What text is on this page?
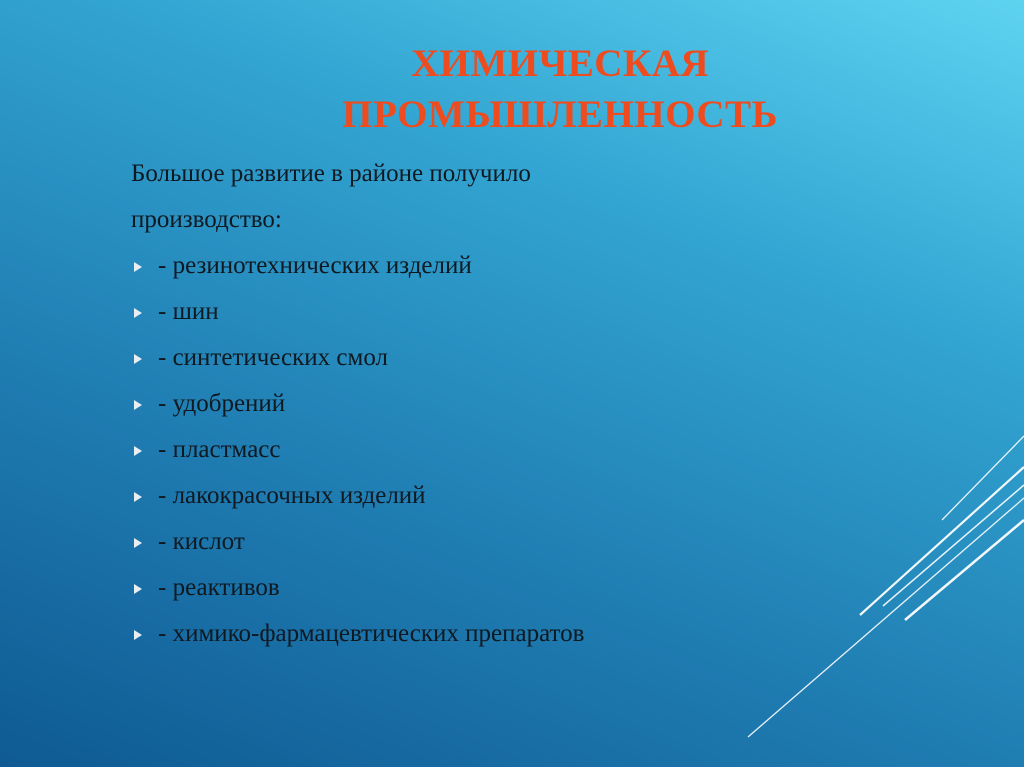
ХИМИЧЕСКАЯ
ПРОМЫШЛЕННОСТЬ
Большое развитие в районе получило
производство:
- резинотехнических изделий
- шин
- синтетических смол
- удобрений
- пластмасс
- лакокрасочных изделий
- кислот
- реактивов
- химико-фармацевтических препаратов
